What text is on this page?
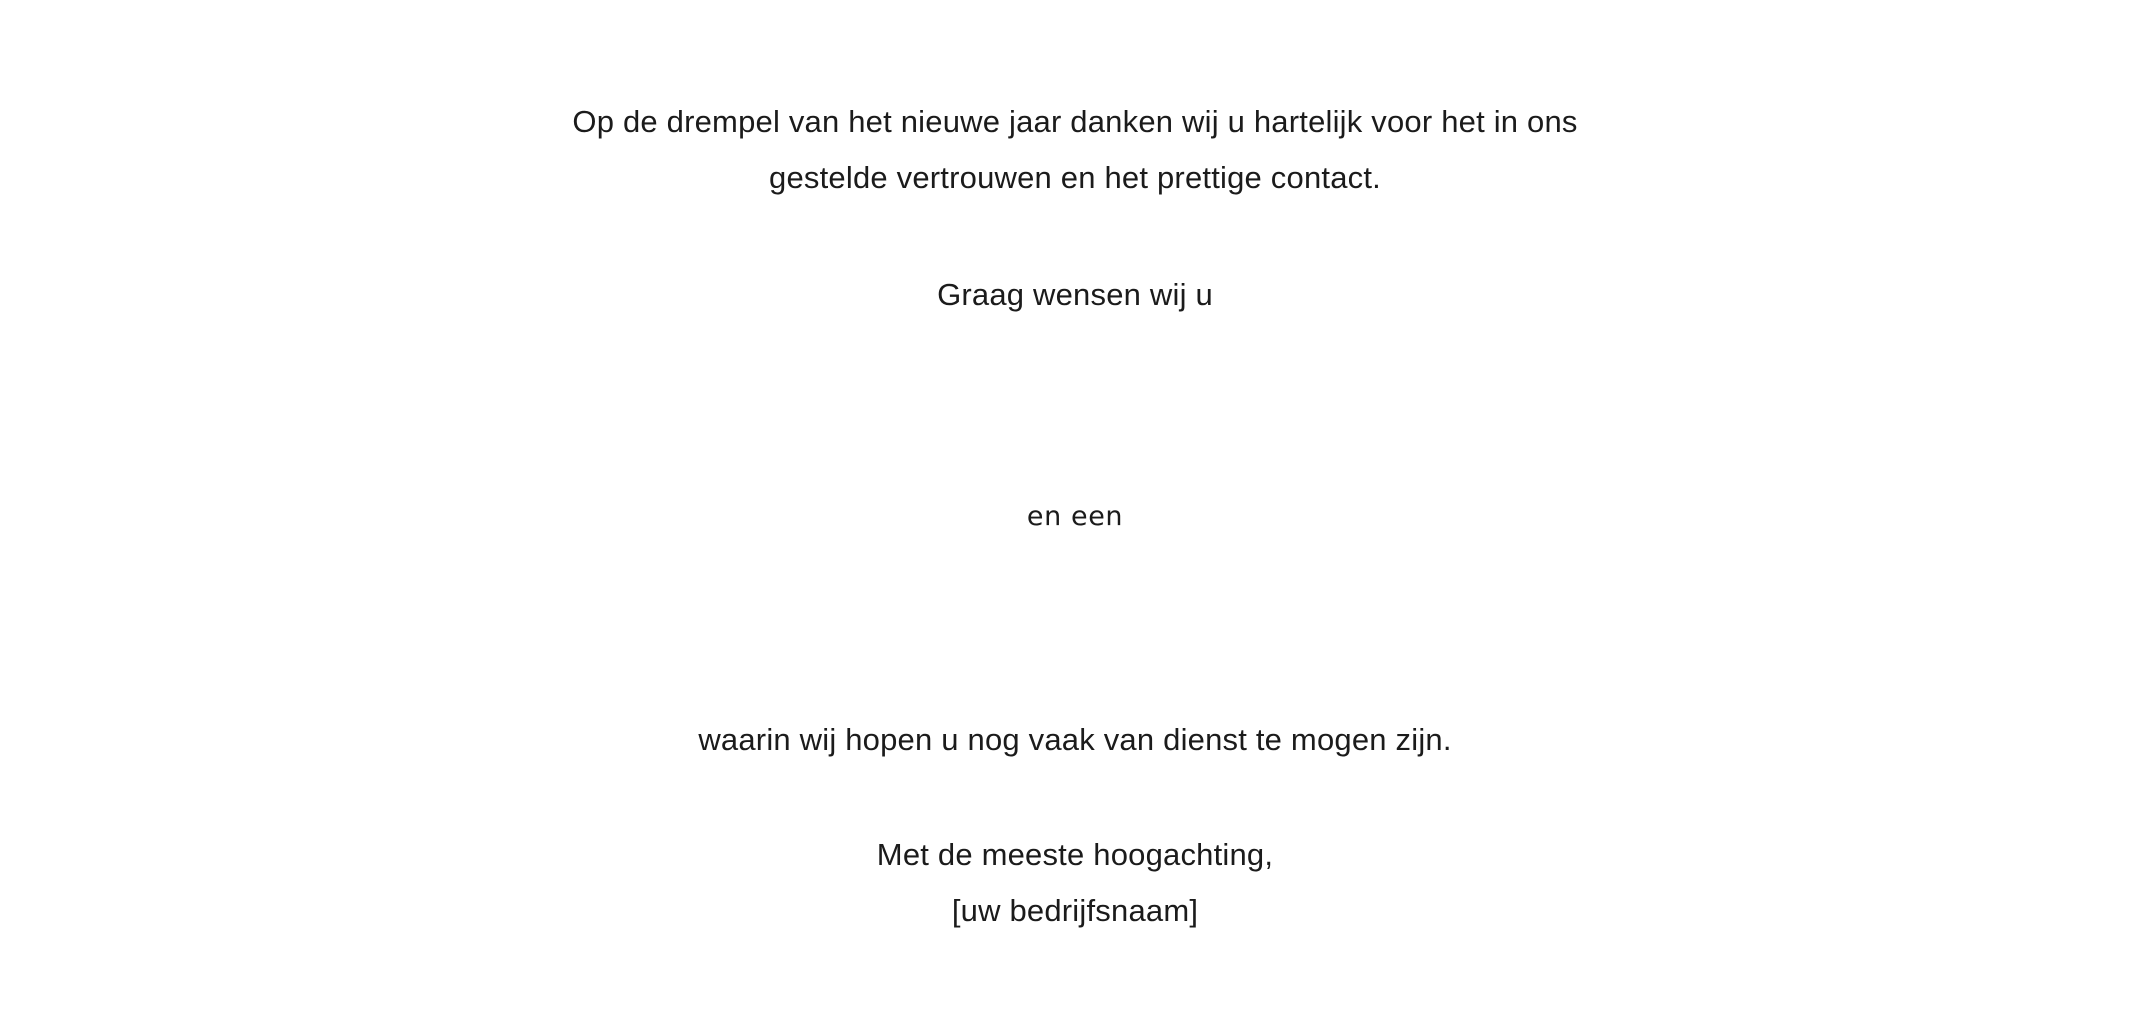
Op de drempel van het nieuwe jaar danken wij u hartelijk voor het in ons
gestelde vertrouwen en het prettige contact.
Graag wensen wij u
en een
waarin wij hopen u nog vaak van dienst te mogen zijn.
Met de meeste hoogachting,
[uw bedrijfsnaam]
